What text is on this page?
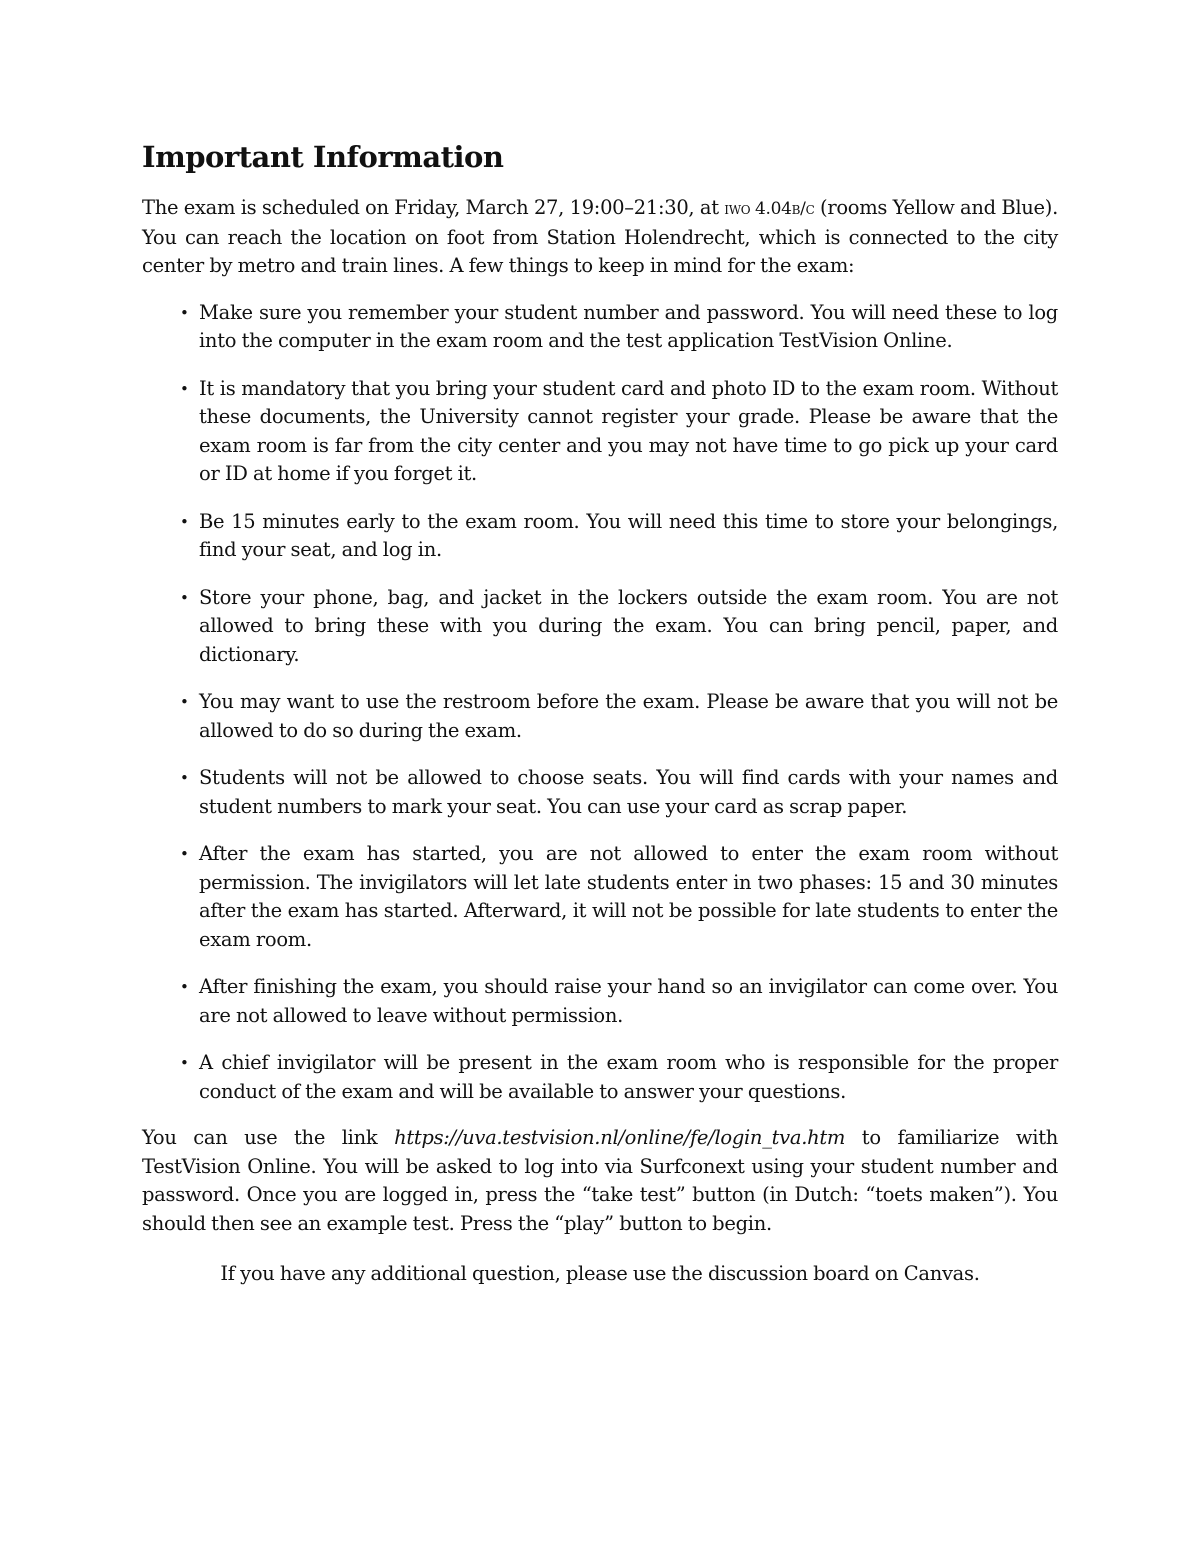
Important Information

The exam is scheduled on Friday, March 27, 19:00–21:30, at iwo 4.04b/c (rooms Yellow and Blue). You can reach the location on foot from Station Holendrecht, which is connected to the city center by metro and train lines. A few things to keep in mind for the exam:

• Make sure you remember your student number and password. You will need these to log into the computer in the exam room and the test application TestVision Online.
• It is mandatory that you bring your student card and photo ID to the exam room. Without these documents, the University cannot register your grade. Please be aware that the exam room is far from the city center and you may not have time to go pick up your card or ID at home if you forget it.
• Be 15 minutes early to the exam room. You will need this time to store your belongings, find your seat, and log in.
• Store your phone, bag, and jacket in the lockers outside the exam room. You are not allowed to bring these with you during the exam. You can bring pencil, paper, and dictionary.
• You may want to use the restroom before the exam. Please be aware that you will not be allowed to do so during the exam.
• Students will not be allowed to choose seats. You will find cards with your names and student numbers to mark your seat. You can use your card as scrap paper.
• After the exam has started, you are not allowed to enter the exam room without permission. The invigilators will let late students enter in two phases: 15 and 30 minutes after the exam has started. Afterward, it will not be possible for late students to enter the exam room.
• After finishing the exam, you should raise your hand so an invigilator can come over. You are not allowed to leave without permission.
• A chief invigilator will be present in the exam room who is responsible for the proper conduct of the exam and will be available to answer your questions.

You can use the link https://uva.testvision.nl/online/fe/login_tva.htm to familiarize with TestVision Online. You will be asked to log into via Surfconext using your student number and password. Once you are logged in, press the “take test” button (in Dutch: “toets maken”). You should then see an example test. Press the “play” button to begin.

If you have any additional question, please use the discussion board on Canvas.
